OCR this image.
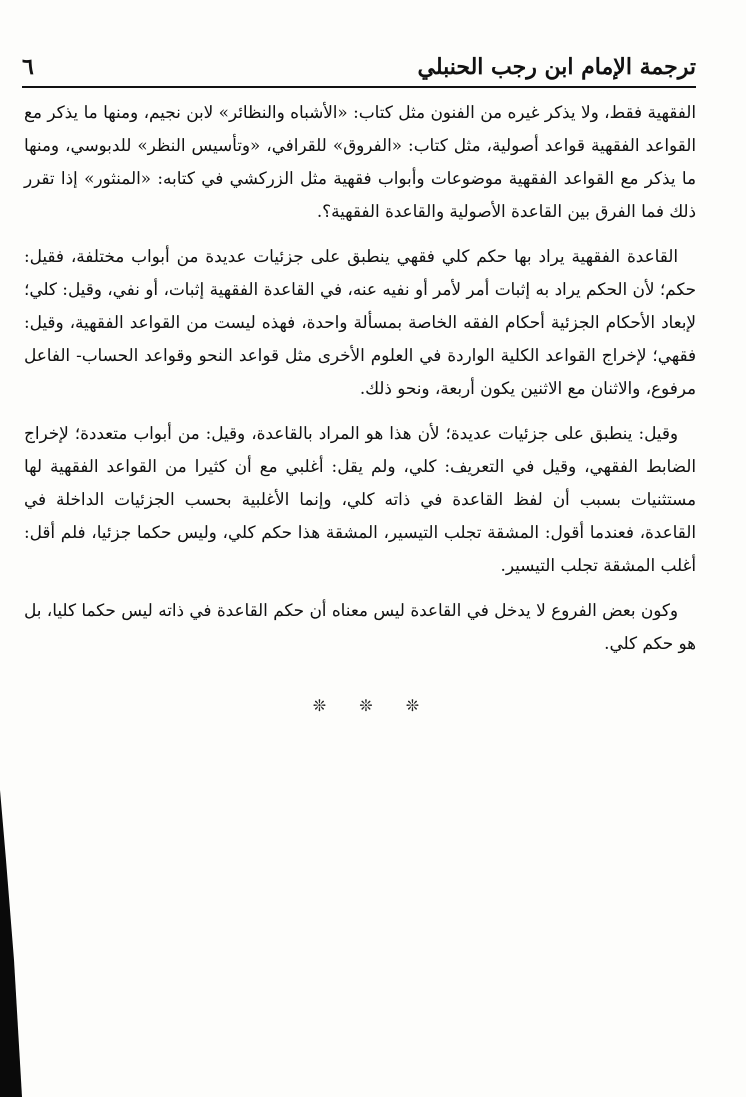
ترجمة الإمام ابن رجب الحنبلي
٦

الفقهية فقط، ولا يذكر غيره من الفنون مثل كتاب: «الأشباه والنظائر» لابن نجيم، ومنها ما يذكر مع القواعد الفقهية قواعد أصولية، مثل كتاب: «الفروق» للقرافي، «وتأسيس النظر» للدبوسي، ومنها ما يذكر مع القواعد الفقهية موضوعات وأبواب فقهية مثل الزركشي في كتابه: «المنثور» إذا تقرر ذلك فما الفرق بين القاعدة الأصولية والقاعدة الفقهية؟.

القاعدة الفقهية يراد بها حكم كلي فقهي ينطبق على جزئيات عديدة من أبواب مختلفة، فقيل: حكم؛ لأن الحكم يراد به إثبات أمر لأمر أو نفيه عنه، في القاعدة الفقهية إثبات، أو نفي، وقيل: كلي؛ لإبعاد الأحكام الجزئية أحكام الفقه الخاصة بمسألة واحدة، فهذه ليست من القواعد الفقهية، وقيل: فقهي؛ لإخراج القواعد الكلية الواردة في العلوم الأخرى مثل قواعد النحو وقواعد الحساب- الفاعل مرفوع، والاثنان مع الاثنين يكون أربعة، ونحو ذلك.

وقيل: ينطبق على جزئيات عديدة؛ لأن هذا هو المراد بالقاعدة، وقيل: من أبواب متعددة؛ لإخراج الضابط الفقهي، وقيل في التعريف: كلي، ولم يقل: أغلبي مع أن كثيرا من القواعد الفقهية لها مستثنيات بسبب أن لفظ القاعدة في ذاته كلي، وإنما الأغلبية بحسب الجزئيات الداخلة في القاعدة، فعندما أقول: المشقة تجلب التيسير، المشقة هذا حكم كلي، وليس حكما جزئيا، فلم أقل: أغلب المشقة تجلب التيسير.

وكون بعض الفروع لا يدخل في القاعدة ليس معناه أن حكم القاعدة في ذاته ليس حكما كليا، بل هو حكم كلي.

❊ ❊ ❊
